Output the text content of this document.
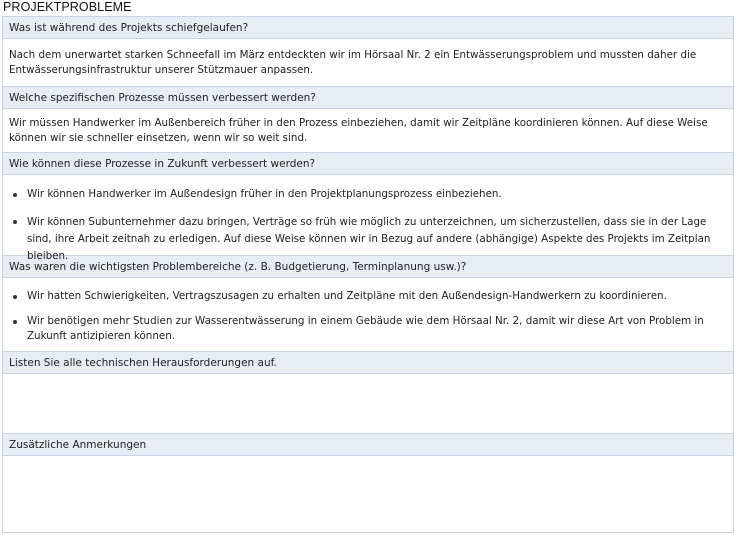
PROJEKTPROBLEME
Was ist während des Projekts schiefgelaufen?

Nach dem unerwartet starken Schneefall im März entdeckten wir im Hörsaal Nr. 2 ein Entwässerungsproblem und mussten daher die Entwässerungsinfrastruktur unserer Stützmauer anpassen.

Welche spezifischen Prozesse müssen verbessert werden?

Wir müssen Handwerker im Außenbereich früher in den Prozess einbeziehen, damit wir Zeitpläne koordinieren können. Auf diese Weise können wir sie schneller einsetzen, wenn wir so weit sind.

Wie können diese Prozesse in Zukunft verbessert werden?
Wir können Handwerker im Außendesign früher in den Projektplanungsprozess einbeziehen.
Wir können Subunternehmer dazu bringen, Verträge so früh wie möglich zu unterzeichnen, um sicherzustellen, dass sie in der Lage sind, ihre Arbeit zeitnah zu erledigen. Auf diese Weise können wir in Bezug auf andere (abhängige) Aspekte des Projekts im Zeitplan bleiben.
Was waren die wichtigsten Problembereiche (z. B. Budgetierung, Terminplanung usw.)?
Wir hatten Schwierigkeiten, Vertragszusagen zu erhalten und Zeitpläne mit den Außendesign-Handwerkern zu koordinieren.
Wir benötigen mehr Studien zur Wasserentwässerung in einem Gebäude wie dem Hörsaal Nr. 2, damit wir diese Art von Problem in Zukunft antizipieren können.
Listen Sie alle technischen Herausforderungen auf.

Zusätzliche Anmerkungen
